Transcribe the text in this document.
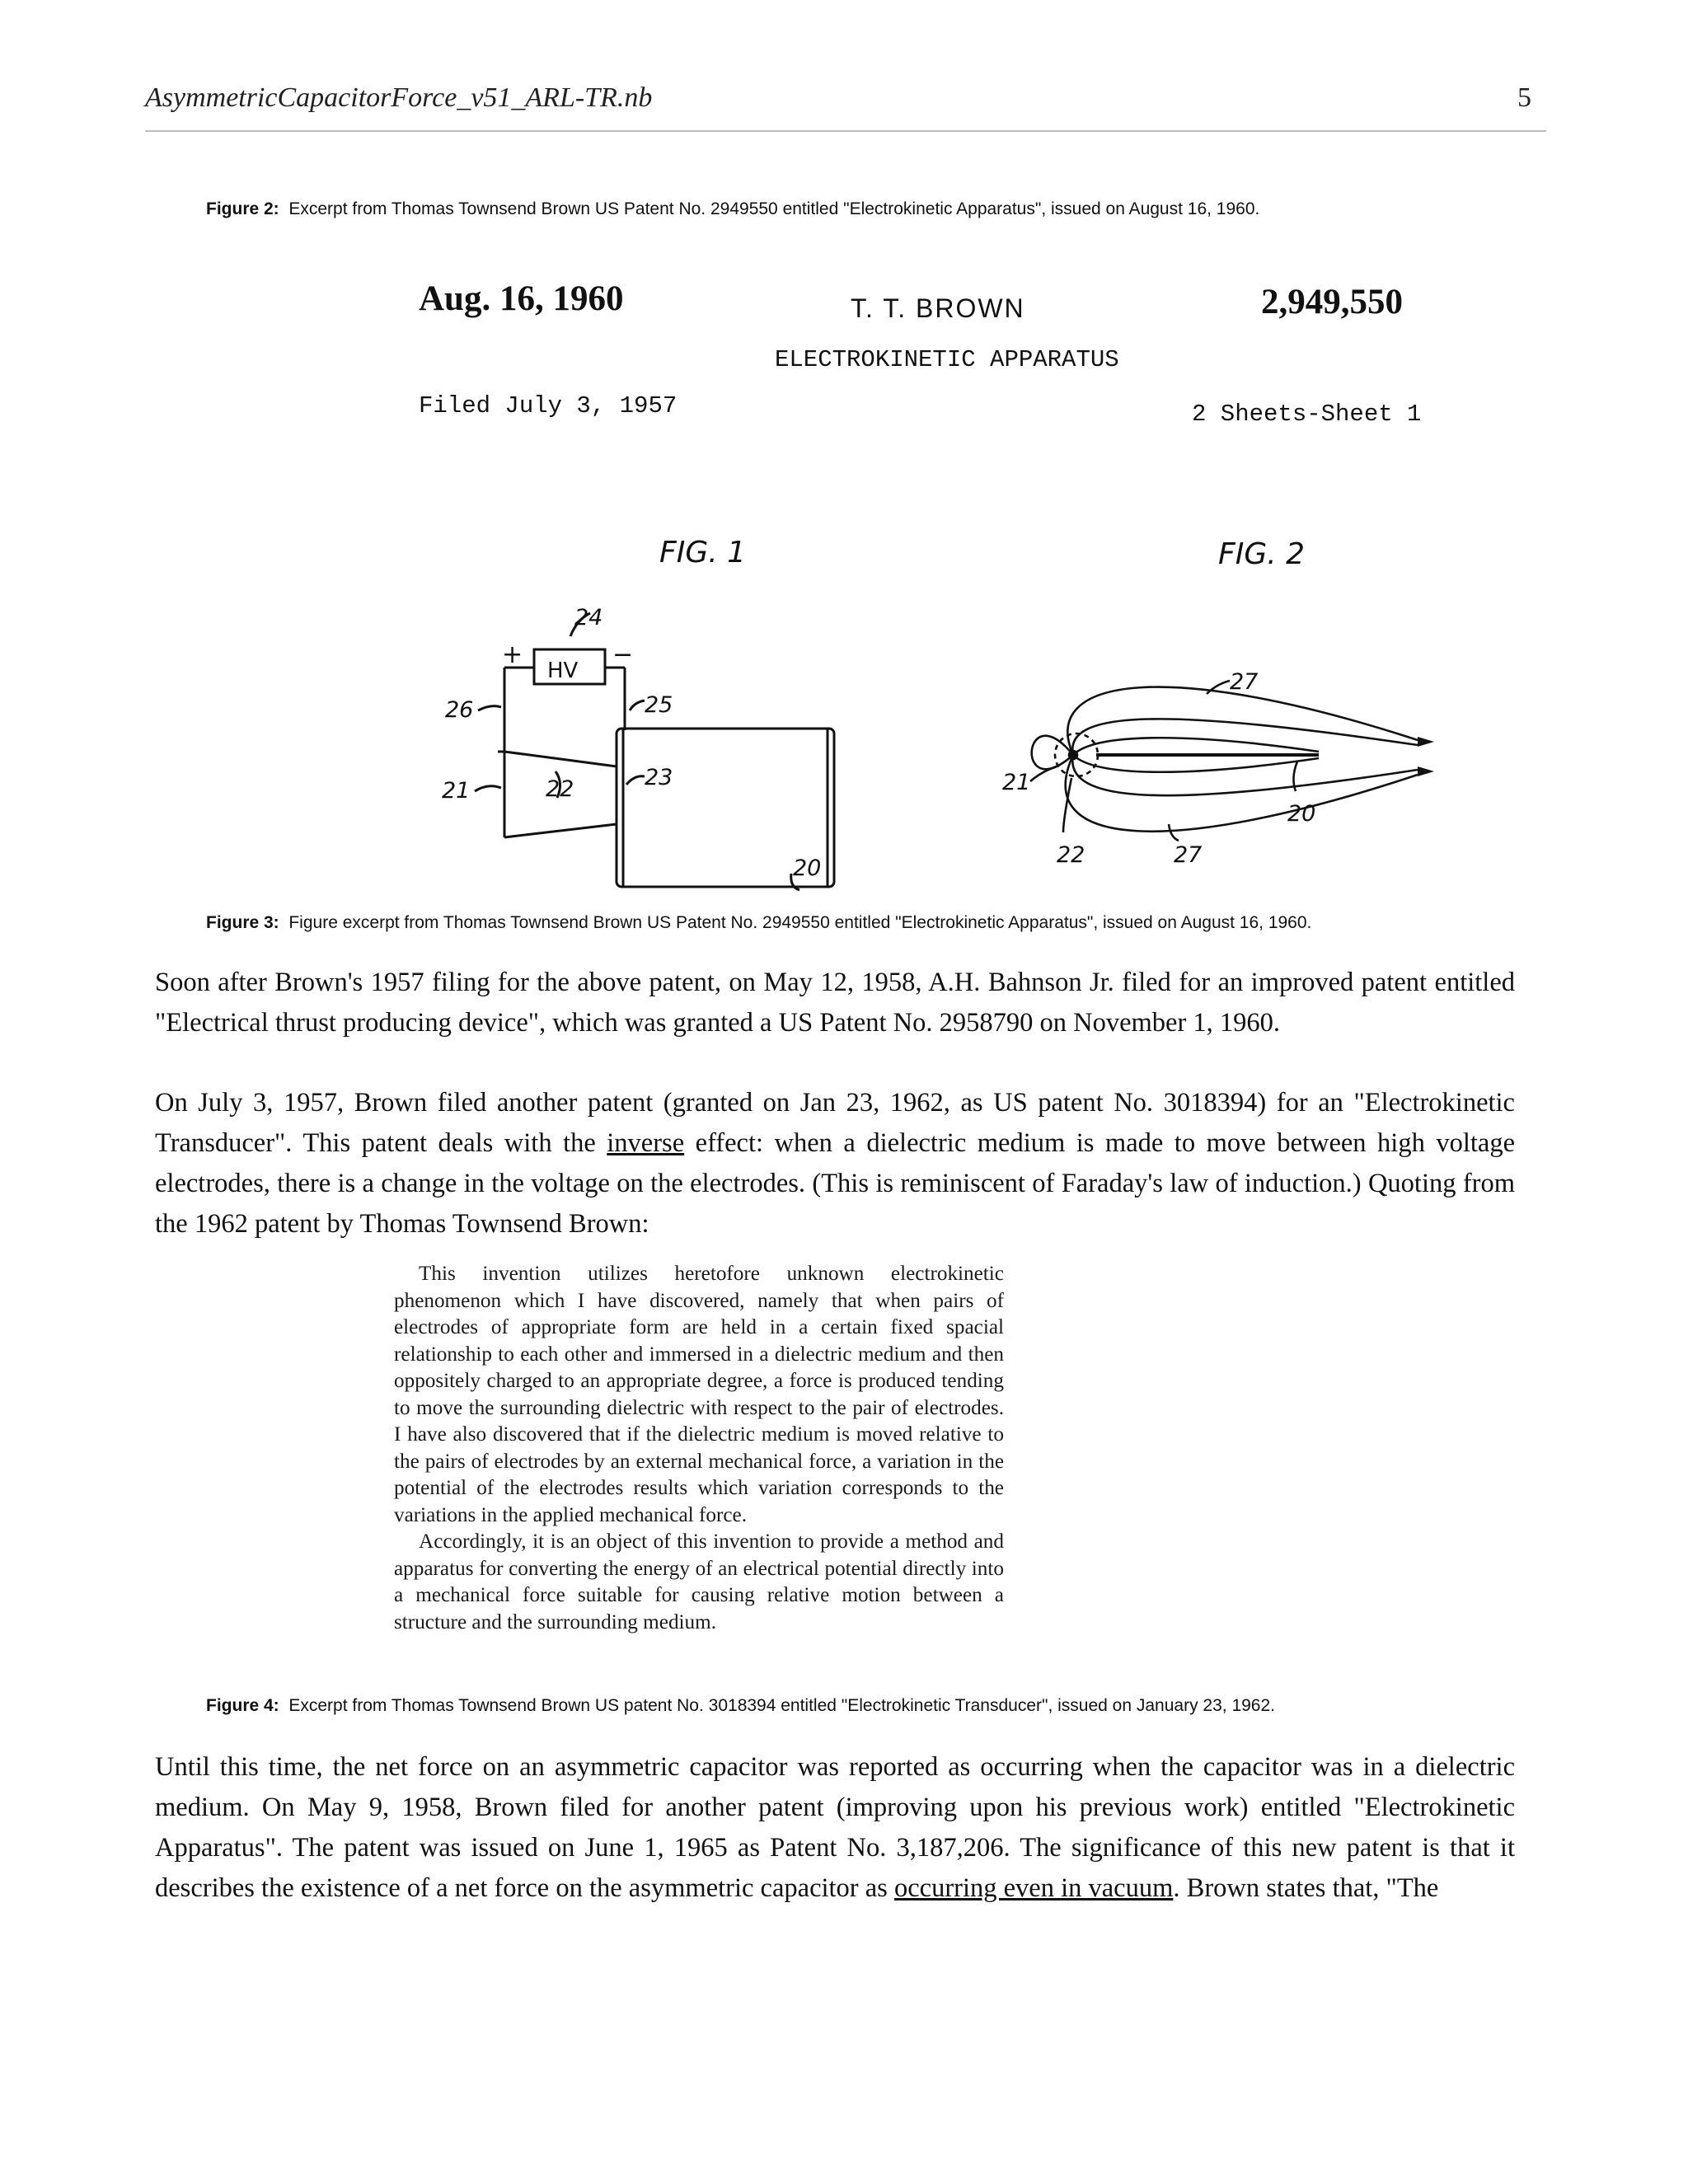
AsymmetricCapacitorForce_v51_ARL-TR.nb	5
Figure 2: Excerpt from Thomas Townsend Brown US Patent No. 2949550 entitled "Electrokinetic Apparatus", issued on August 16, 1960.
Aug. 16, 1960	T. T. BROWN	2,949,550
ELECTROKINETIC APPARATUS
Filed July 3, 1957	2 Sheets-Sheet 1
FIG. 1	FIG. 2
24
+	−
HV
26	25
21	22	23
20
27
21
20
22	27
Figure 3: Figure excerpt from Thomas Townsend Brown US Patent No. 2949550 entitled "Electrokinetic Apparatus", issued on August 16, 1960.

Soon after Brown's 1957 filing for the above patent, on May 12, 1958, A.H. Bahnson Jr. filed for an improved patent entitled "Electrical thrust producing device", which was granted a US Patent No. 2958790 on November 1, 1960.

On July 3, 1957, Brown filed another patent (granted on Jan 23, 1962, as US patent No. 3018394) for an "Electrokinetic Transducer". This patent deals with the inverse effect: when a dielectric medium is made to move between high voltage electrodes, there is a change in the voltage on the electrodes. (This is reminiscent of Faraday's law of induction.) Quoting from the 1962 patent by Thomas Townsend Brown:

This invention utilizes heretofore unknown electrokinetic phenomenon which I have discovered, namely that when pairs of electrodes of appropriate form are held in a certain fixed spacial relationship to each other and immersed in a dielectric medium and then oppositely charged to an appropriate degree, a force is produced tending to move the surrounding dielectric with respect to the pair of electrodes. I have also discovered that if the dielectric medium is moved relative to the pairs of electrodes by an external mechanical force, a variation in the potential of the electrodes results which variation corresponds to the variations in the applied mechanical force.

Accordingly, it is an object of this invention to provide a method and apparatus for converting the energy of an electrical potential directly into a mechanical force suitable for causing relative motion between a structure and the surrounding medium.

Figure 4: Excerpt from Thomas Townsend Brown US patent No. 3018394 entitled "Electrokinetic Transducer", issued on January 23, 1962.

Until this time, the net force on an asymmetric capacitor was reported as occurring when the capacitor was in a dielectric medium. On May 9, 1958, Brown filed for another patent (improving upon his previous work) entitled "Electrokinetic Apparatus". The patent was issued on June 1, 1965 as Patent No. 3,187,206. The significance of this new patent is that it describes the existence of a net force on the asymmetric capacitor as occurring even in vacuum. Brown states that, "The
